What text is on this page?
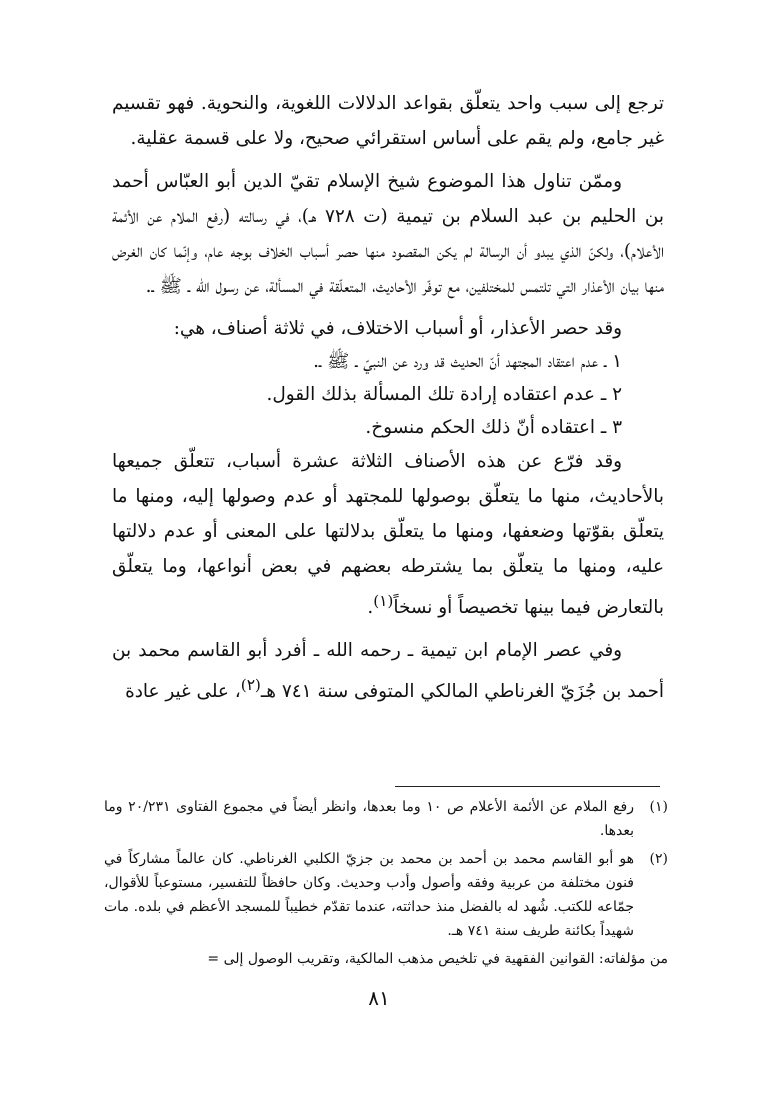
ترجع إلى سبب واحد يتعلّق بقواعد الدلالات اللغوية، والنحوية. فهو تقسيم غير جامع، ولم يقم على أساس استقرائي صحيح، ولا على قسمة عقلية.

وممّن تناول هذا الموضوع شيخ الإسلام تقيّ الدين أبو العبّاس أحمد بن الحليم بن عبد السلام بن تيمية (ت ٧٢٨ هـ)، في رسالته (رفع الملام عن الأئمة الأعلام)، ولكنّ الذي يبدو أن الرسالة لم يكن المقصود منها حصر أسباب الخلاف بوجه عام، وإنّما كان الغرض منها بيان الأعذار التي تلتمس للمختلفين، مع توفّر الأحاديث، المتعلّقة في المسألة، عن رسول الله ـ ﷺ ـ.

وقد حصر الأعذار، أو أسباب الاختلاف، في ثلاثة أصناف، هي:
١ ـ عدم اعتقاد المجتهد أنّ الحديث قد ورد عن النبيّ ـ ﷺ ـ.
٢ ـ عدم اعتقاده إرادة تلك المسألة بذلك القول.
٣ ـ اعتقاده أنّ ذلك الحكم منسوخ.

وقد فرّع عن هذه الأصناف الثلاثة عشرة أسباب، تتعلّق جميعها بالأحاديث، منها ما يتعلّق بوصولها للمجتهد أو عدم وصولها إليه، ومنها ما يتعلّق بقوّتها وضعفها، ومنها ما يتعلّق بدلالتها على المعنى أو عدم دلالتها عليه، ومنها ما يتعلّق بما يشترطه بعضهم في بعض أنواعها، وما يتعلّق بالتعارض فيما بينها تخصيصاً أو نسخاً$^{(١)}$.

وفي عصر الإمام ابن تيمية ـ رحمه الله ـ أفرد أبو القاسم محمد بن أحمد بن جُزَيّ الغرناطي المالكي المتوفى سنة ٧٤١ هـ$^{(٢)}$، على غير عادة

(١)
رفع الملام عن الأئمة الأعلام ص ١٠ وما بعدها، وانظر أيضاً في مجموع الفتاوى ٢٠/٢٣١ وما بعدها.
(٢)
هو أبو القاسم محمد بن أحمد بن محمد بن جزيّ الكلبي الغرناطي. كان عالماً مشاركاً في فنون مختلفة من عربية وفقه وأصول وأدب وحديث. وكان حافظاً للتفسير، مستوعباً للأقوال، جمّاعه للكتب. شُهد له بالفضل منذ حداثته، عندما تقدّم خطيباً للمسجد الأعظم في بلده. مات شهيداً بكائنة طريف سنة ٧٤١ هـ.
من مؤلفاته: القوانين الفقهية في تلخيص مذهب المالكية، وتقريب الوصول إلى =
٨١
